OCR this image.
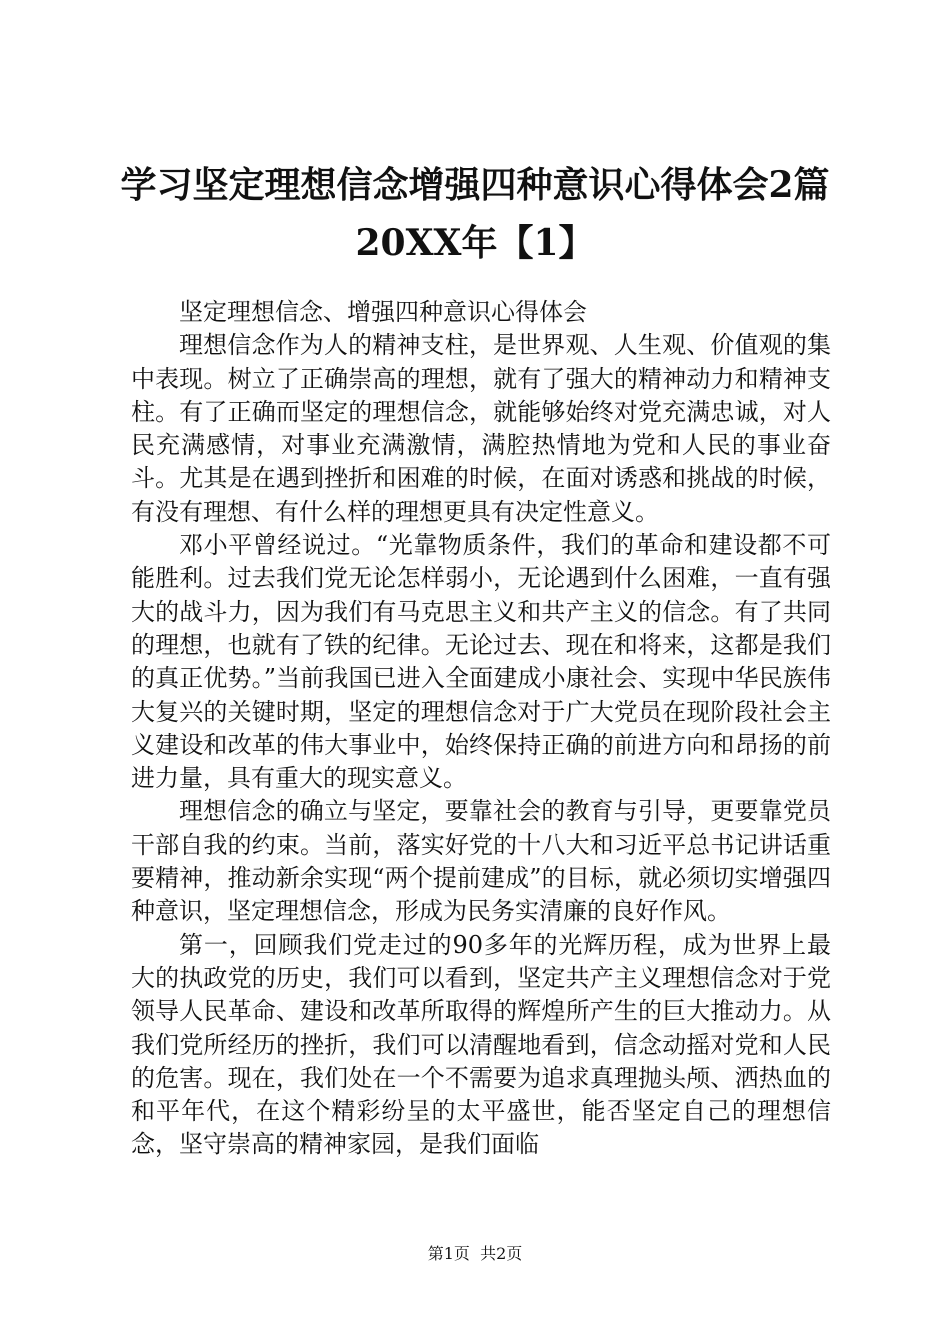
学习坚定理想信念增强四种意识心得体会2篇
20XX年【1】

坚定理想信念、增强四种意识心得体会

理想信念作为人的精神支柱，是世界观、人生观、价值观的集中表现。树立了正确崇高的理想，就有了强大的精神动力和精神支柱。有了正确而坚定的理想信念，就能够始终对党充满忠诚，对人民充满感情，对事业充满激情，满腔热情地为党和人民的事业奋斗。尤其是在遇到挫折和困难的时候，在面对诱惑和挑战的时候，有没有理想、有什么样的理想更具有决定性意义。

邓小平曾经说过。“光靠物质条件，我们的革命和建设都不可能胜利。过去我们党无论怎样弱小，无论遇到什么困难，一直有强大的战斗力，因为我们有马克思主义和共产主义的信念。有了共同的理想，也就有了铁的纪律。无论过去、现在和将来，这都是我们的真正优势。”当前我国已进入全面建成小康社会、实现中华民族伟大复兴的关键时期，坚定的理想信念对于广大党员在现阶段社会主义建设和改革的伟大事业中，始终保持正确的前进方向和昂扬的前进力量，具有重大的现实意义。

理想信念的确立与坚定，要靠社会的教育与引导，更要靠党员干部自我的约束。当前，落实好党的十八大和习近平总书记讲话重要精神，推动新余实现“两个提前建成”的目标，就必须切实增强四种意识，坚定理想信念，形成为民务实清廉的良好作风。

第一，回顾我们党走过的90多年的光辉历程，成为世界上最大的执政党的历史，我们可以看到，坚定共产主义理想信念对于党领导人民革命、建设和改革所取得的辉煌所产生的巨大推动力。从我们党所经历的挫折，我们可以清醒地看到，信念动摇对党和人民的危害。现在，我们处在一个不需要为追求真理抛头颅、洒热血的和平年代，在这个精彩纷呈的太平盛世，能否坚定自己的理想信念，坚守崇高的精神家园，是我们面临

第1页  共2页
